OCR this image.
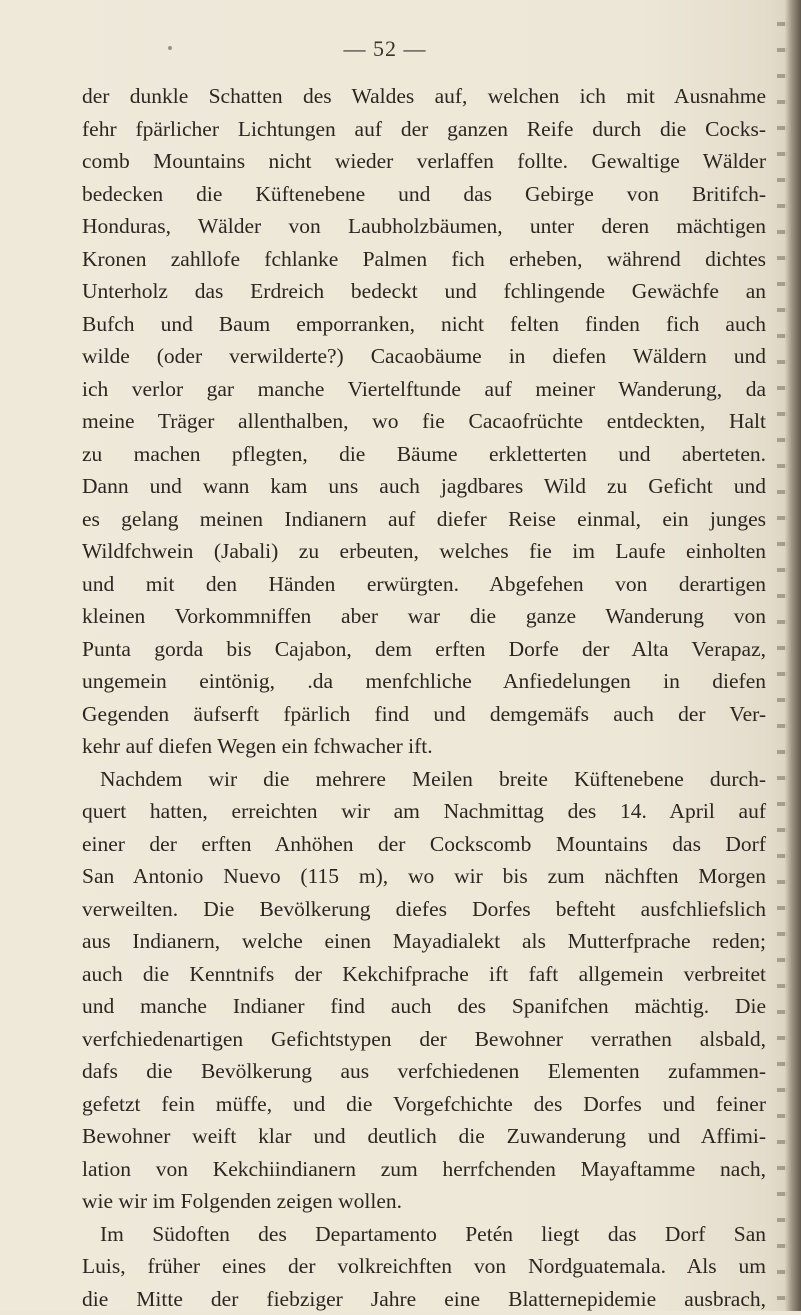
— 52 —
der dunkle Schatten des Waldes auf, welchen ich mit Ausnahme
fehr fpärlicher Lichtungen auf der ganzen Reife durch die Cocks-
comb Mountains nicht wieder verlaffen follte. Gewaltige Wälder
bedecken die Küftenebene und das Gebirge von Britifch-
Honduras, Wälder von Laubholzbäumen, unter deren mächtigen
Kronen zahllofe fchlanke Palmen fich erheben, während dichtes
Unterholz das Erdreich bedeckt und fchlingende Gewächfe an
Bufch und Baum emporranken, nicht felten finden fich auch
wilde (oder verwilderte?) Cacaobäume in diefen Wäldern und
ich verlor gar manche Viertelftunde auf meiner Wanderung, da
meine Träger allenthalben, wo fie Cacaofrüchte entdeckten, Halt
zu machen pflegten, die Bäume erkletterten und aberteten.
Dann und wann kam uns auch jagdbares Wild zu Geficht und
es gelang meinen Indianern auf diefer Reise einmal, ein junges
Wildfchwein (Jabali) zu erbeuten, welches fie im Laufe einholten
und mit den Händen erwürgten. Abgefehen von derartigen
kleinen Vorkommniffen aber war die ganze Wanderung von
Punta gorda bis Cajabon, dem erften Dorfe der Alta Verapaz,
ungemein eintönig, .da menfchliche Anfiedelungen in diefen
Gegenden äufserft fpärlich find und demgemäfs auch der Ver-
kehr auf diefen Wegen ein fchwacher ift.
Nachdem wir die mehrere Meilen breite Küftenebene durch-
quert hatten, erreichten wir am Nachmittag des 14. April auf
einer der erften Anhöhen der Cockscomb Mountains das Dorf
San Antonio Nuevo (115 m), wo wir bis zum nächften Morgen
verweilten. Die Bevölkerung diefes Dorfes befteht ausfchliefslich
aus Indianern, welche einen Mayadialekt als Mutterfprache reden;
auch die Kenntnifs der Kekchifprache ift faft allgemein verbreitet
und manche Indianer find auch des Spanifchen mächtig. Die
verfchiedenartigen Gefichtstypen der Bewohner verrathen alsbald,
dafs die Bevölkerung aus verfchiedenen Elementen zufammen-
gefetzt fein müffe, und die Vorgefchichte des Dorfes und feiner
Bewohner weift klar und deutlich die Zuwanderung und Affimi-
lation von Kekchiindianern zum herrfchenden Mayaftamme nach,
wie wir im Folgenden zeigen wollen.
Im Südoften des Departamento Petén liegt das Dorf San
Luis, früher eines der volkreichften von Nordguatemala. Als um
die Mitte der fiebziger Jahre eine Blatternepidemie ausbrach,
